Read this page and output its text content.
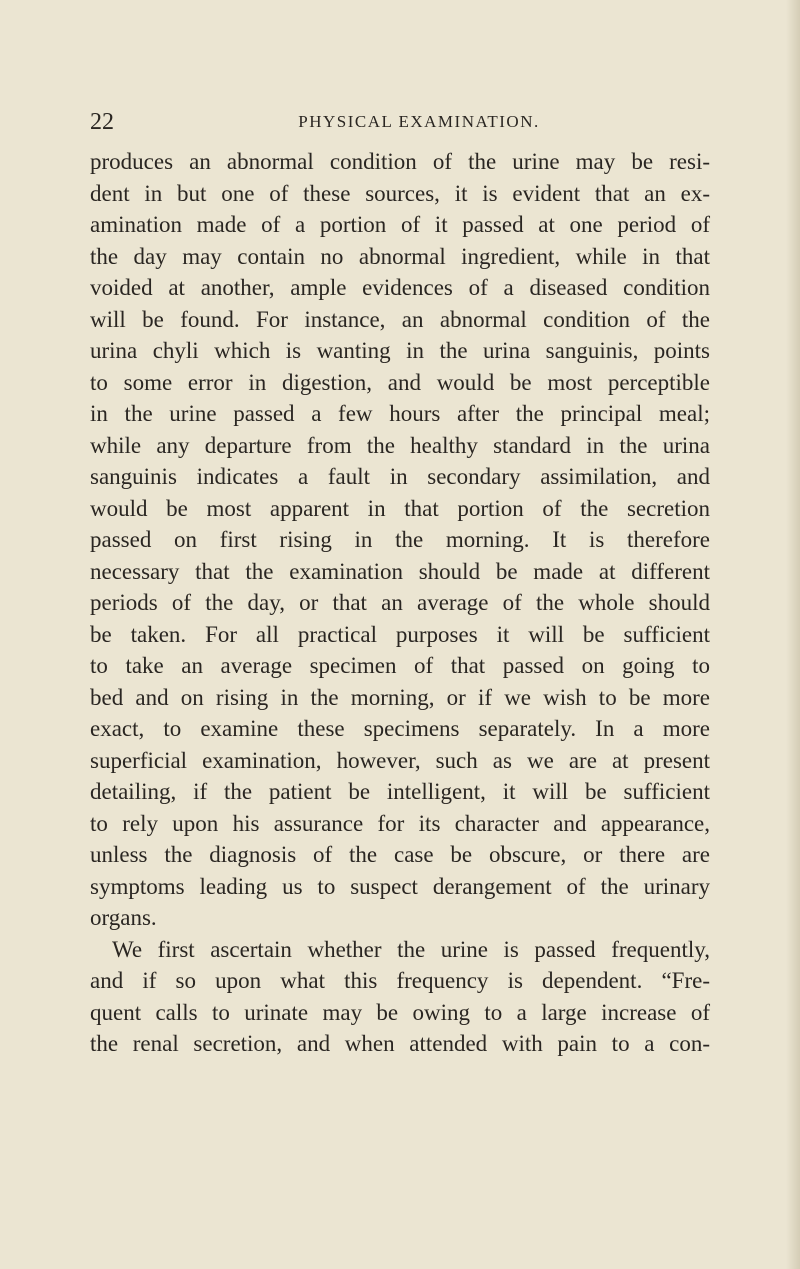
22	PHYSICAL EXAMINATION.
produces an abnormal condition of the urine may be resi-
dent in but one of these sources, it is evident that an ex-
amination made of a portion of it passed at one period of
the day may contain no abnormal ingredient, while in that
voided at another, ample evidences of a diseased condition
will be found. For instance, an abnormal condition of the
urina chyli which is wanting in the urina sanguinis, points
to some error in digestion, and would be most perceptible
in the urine passed a few hours after the principal meal;
while any departure from the healthy standard in the urina
sanguinis indicates a fault in secondary assimilation, and
would be most apparent in that portion of the secretion
passed on first rising in the morning. It is therefore
necessary that the examination should be made at different
periods of the day, or that an average of the whole should
be taken. For all practical purposes it will be sufficient
to take an average specimen of that passed on going to
bed and on rising in the morning, or if we wish to be more
exact, to examine these specimens separately. In a more
superficial examination, however, such as we are at present
detailing, if the patient be intelligent, it will be sufficient
to rely upon his assurance for its character and appearance,
unless the diagnosis of the case be obscure, or there are
symptoms leading us to suspect derangement of the urinary
organs.
We first ascertain whether the urine is passed frequently,
and if so upon what this frequency is dependent. “Fre-
quent calls to urinate may be owing to a large increase of
the renal secretion, and when attended with pain to a con-
